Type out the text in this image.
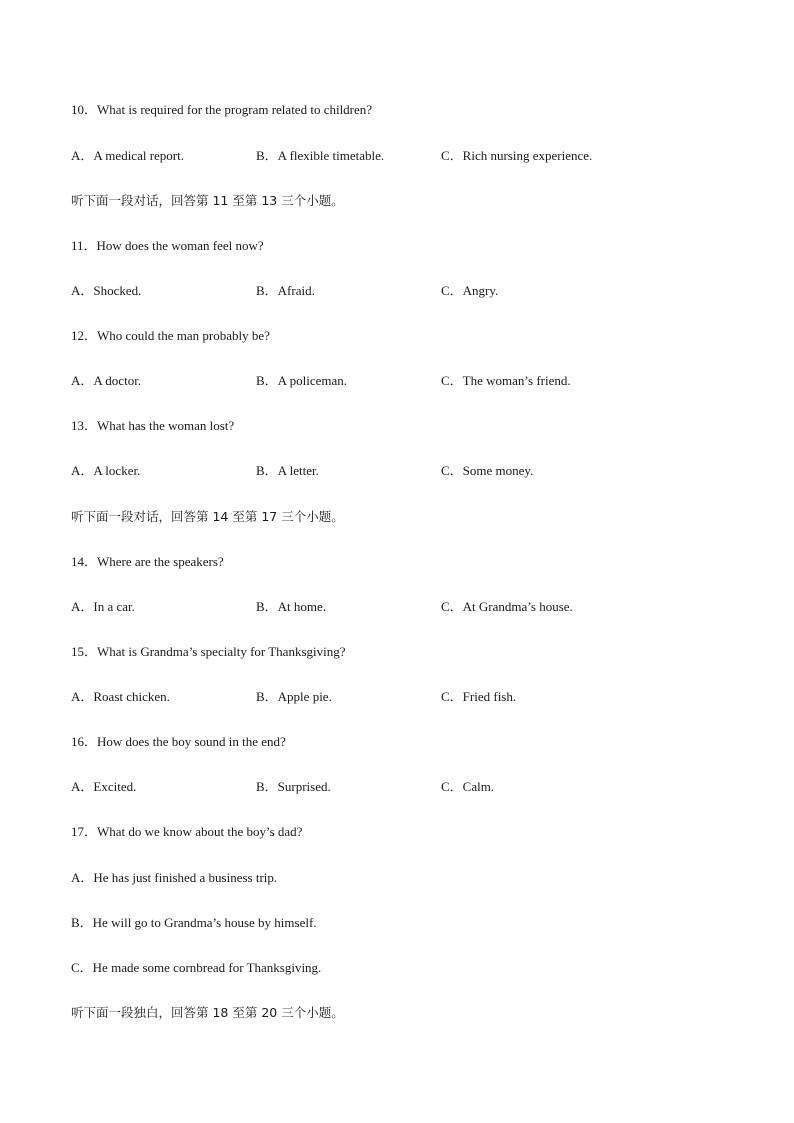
10．What is required for the program related to children?
A．A medical report.	B．A flexible timetable.	C．Rich nursing experience.
听下面一段对话，回答第 11 至第 13 三个小题。
11．How does the woman feel now?
A．Shocked.	B．Afraid.	C．Angry.
12．Who could the man probably be?
A．A doctor.	B．A policeman.	C．The woman’s friend.
13．What has the woman lost?
A．A locker.	B．A letter.	C．Some money.
听下面一段对话，回答第 14 至第 17 三个小题。
14．Where are the speakers?
A．In a car.	B．At home.	C．At Grandma’s house.
15．What is Grandma’s specialty for Thanksgiving?
A．Roast chicken.	B．Apple pie.	C．Fried fish.
16．How does the boy sound in the end?
A．Excited.	B．Surprised.	C．Calm.
17．What do we know about the boy’s dad?
A．He has just finished a business trip.
B．He will go to Grandma’s house by himself.
C．He made some cornbread for Thanksgiving.
听下面一段独白，回答第 18 至第 20 三个小题。
